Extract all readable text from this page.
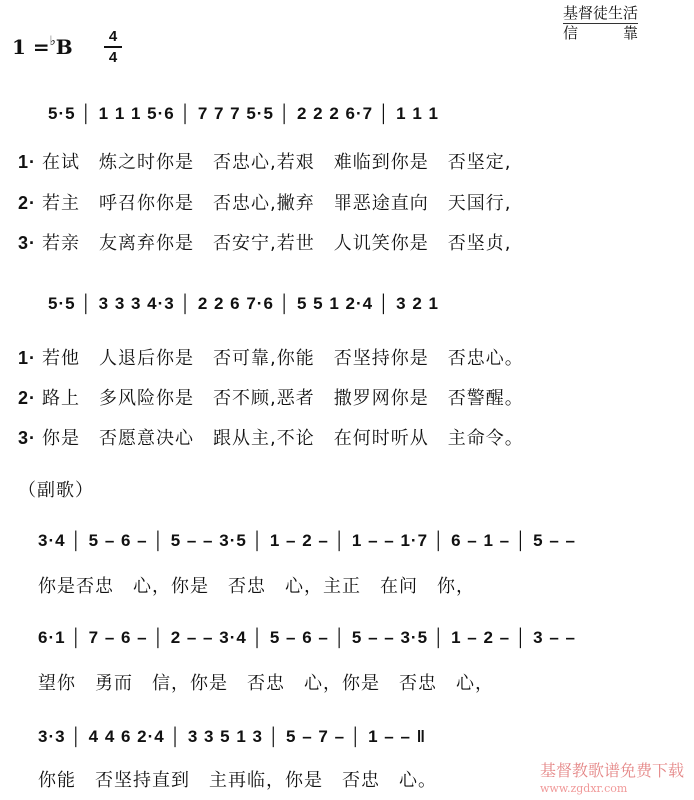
1 =♭B	4
4
基督徒生活
信　　　靠
5·5 │ 1 1 1 5·6 │ 7 7 7 5·5 │ 2 2 2 6·7 │ 1 1 1
1· 在试　炼之时你是　否忠心,若艰　难临到你是　否坚定,
2· 若主　呼召你你是　否忠心,撇弃　罪恶途直向　天国行,
3· 若亲　友离弃你是　否安宁,若世　人讥笑你是　否坚贞,
5·5 │ 3 3 3 4·3 │ 2 2 6 7·6 │ 5 5 1 2·4 │ 3 2 1
1· 若他　人退后你是　否可靠,你能　否坚持你是　否忠心。
2· 路上　多风险你是　否不顾,恶者　撒罗网你是　否警醒。
3· 你是　否愿意决心　跟从主,不论　在何时听从　主命令。
（副歌）
3·4 │ 5 – 6 – │ 5 – – 3·5 │ 1 – 2 – │ 1 – – 1·7 │ 6 – 1 – │ 5 – –
你是否忠　心，你是　否忠　心，主正　在问　你，
6·1 │ 7 – 6 – │ 2 – – 3·4 │ 5 – 6 – │ 5 – – 3·5 │ 1 – 2 – │ 3 – –
望你　勇而　信，你是　否忠　心，你是　否忠　心，
3·3 │ 4 4 6 2·4 │ 3 3 5 1 3 │ 5 – 7 – │ 1 – – ‖
你能　否坚持直到　主再临，你是　否忠　心。	基督教歌谱免费下载
www.zgdxr.com
